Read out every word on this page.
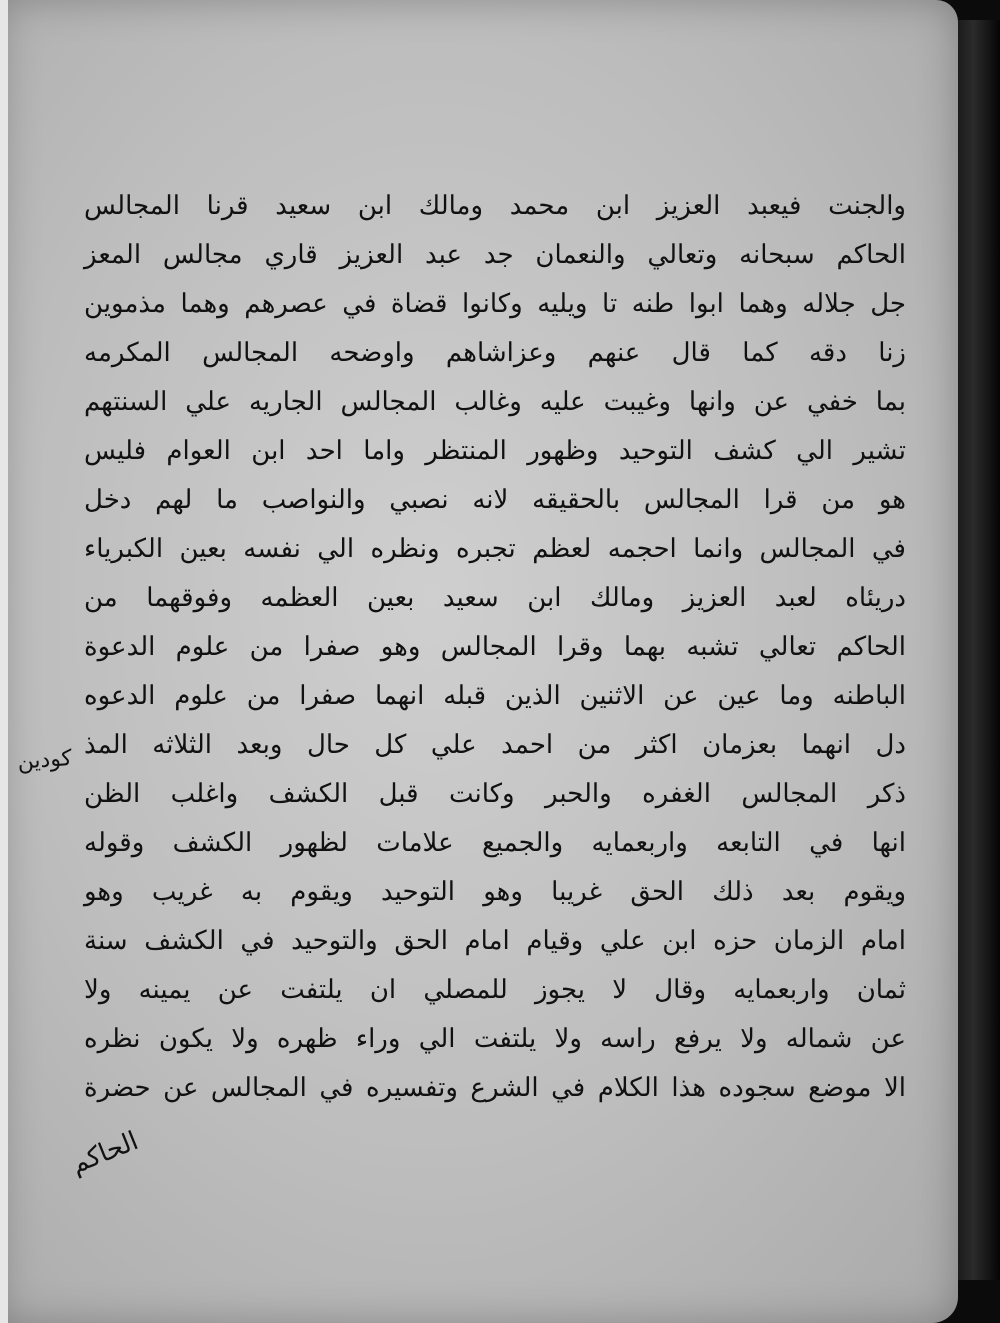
والجنت فيعبد العزيز ابن محمد ومالك ابن سعيد قرنا المجالس
الحاكم سبحانه وتعالي والنعمان جد عبد العزيز قاري مجالس المعز
جل جلاله وهما ابوا طنه تا ويليه وكانوا قضاة في عصرهم وهما مذموين
زنا دقه كما قال عنهم وعزاشاهم واوضحه المجالس المكرمه
بما خفي عن وانها وغيبت عليه وغالب المجالس الجاريه علي السنتهم
تشير الي كشف التوحيد وظهور المنتظر واما احد ابن العوام فليس
هو من قرا المجالس بالحقيقه لانه نصبي والنواصب ما لهم دخل
في المجالس وانما احجمه لعظم تجبره ونظره الي نفسه بعين الكبرياء
دريئاه لعبد العزيز ومالك ابن سعيد بعين العظمه وفوقهما من
الحاكم تعالي تشبه بهما وقرا المجالس وهو صفرا من علوم الدعوة
الباطنه وما عين عن الاثنين الذين قبله انهما صفرا من علوم الدعوه
دل انهما بعزمان اكثر من احمد علي كل حال وبعد الثلاثه المذ
ذكر المجالس الغفره والحبر وكانت قبل الكشف واغلب الظن
انها في التابعه واربعمايه والجميع علامات لظهور الكشف وقوله
ويقوم بعد ذلك الحق غريبا وهو التوحيد ويقوم به غريب وهو
امام الزمان حزه ابن علي وقيام امام الحق والتوحيد في الكشف سنة
ثمان واربعمايه وقال لا يجوز للمصلي ان يلتفت عن يمينه ولا
عن شماله ولا يرفع راسه ولا يلتفت الي وراء ظهره ولا يكون نظره
الا موضع سجوده هذا الكلام في الشرع وتفسيره في المجالس عن حضرة
كودين
الحاكم
